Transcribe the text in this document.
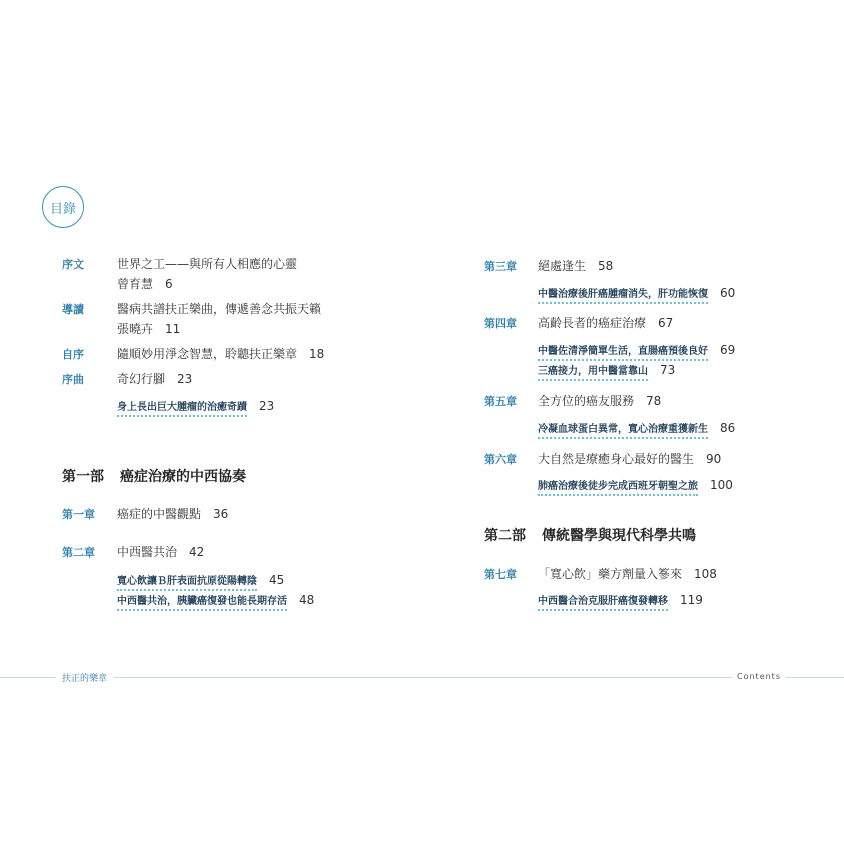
目錄
序文	世界之工——與所有人相應的心靈
曾育慧 6
導讀	醫病共譜扶正樂曲，傳遞善念共振天籟
張曉卉 11
自序	隨順妙用淨念智慧，聆聽扶正樂章 18
序曲	奇幻行腳 23
身上長出巨大腫瘤的治癒奇蹟 23
第一部 癌症治療的中西協奏
第一章 癌症的中醫觀點 36
第二章 中西醫共治 42
寬心飲讓Ｂ肝表面抗原從陽轉陰 45
中西醫共治，胰臟癌復發也能長期存活 48
第三章 絕處逢生 58
中醫治療後肝癌腫瘤消失，肝功能恢復 60
第四章 高齡長者的癌症治療 67
中醫佐清淨簡單生活，直腸癌預後良好 69
三癌接力，用中醫當靠山 73
第五章 全方位的癌友服務 78
冷凝血球蛋白異常，寬心治療重獲新生 86
第六章 大自然是療癒身心最好的醫生 90
肺癌治療後徒步完成西班牙朝聖之旅 100
第二部 傳統醫學與現代科學共鳴
第七章 「寬心飲」藥方劑量入篸來 108
中西醫合治克服肝癌復發轉移 119
扶正的樂章	Contents
